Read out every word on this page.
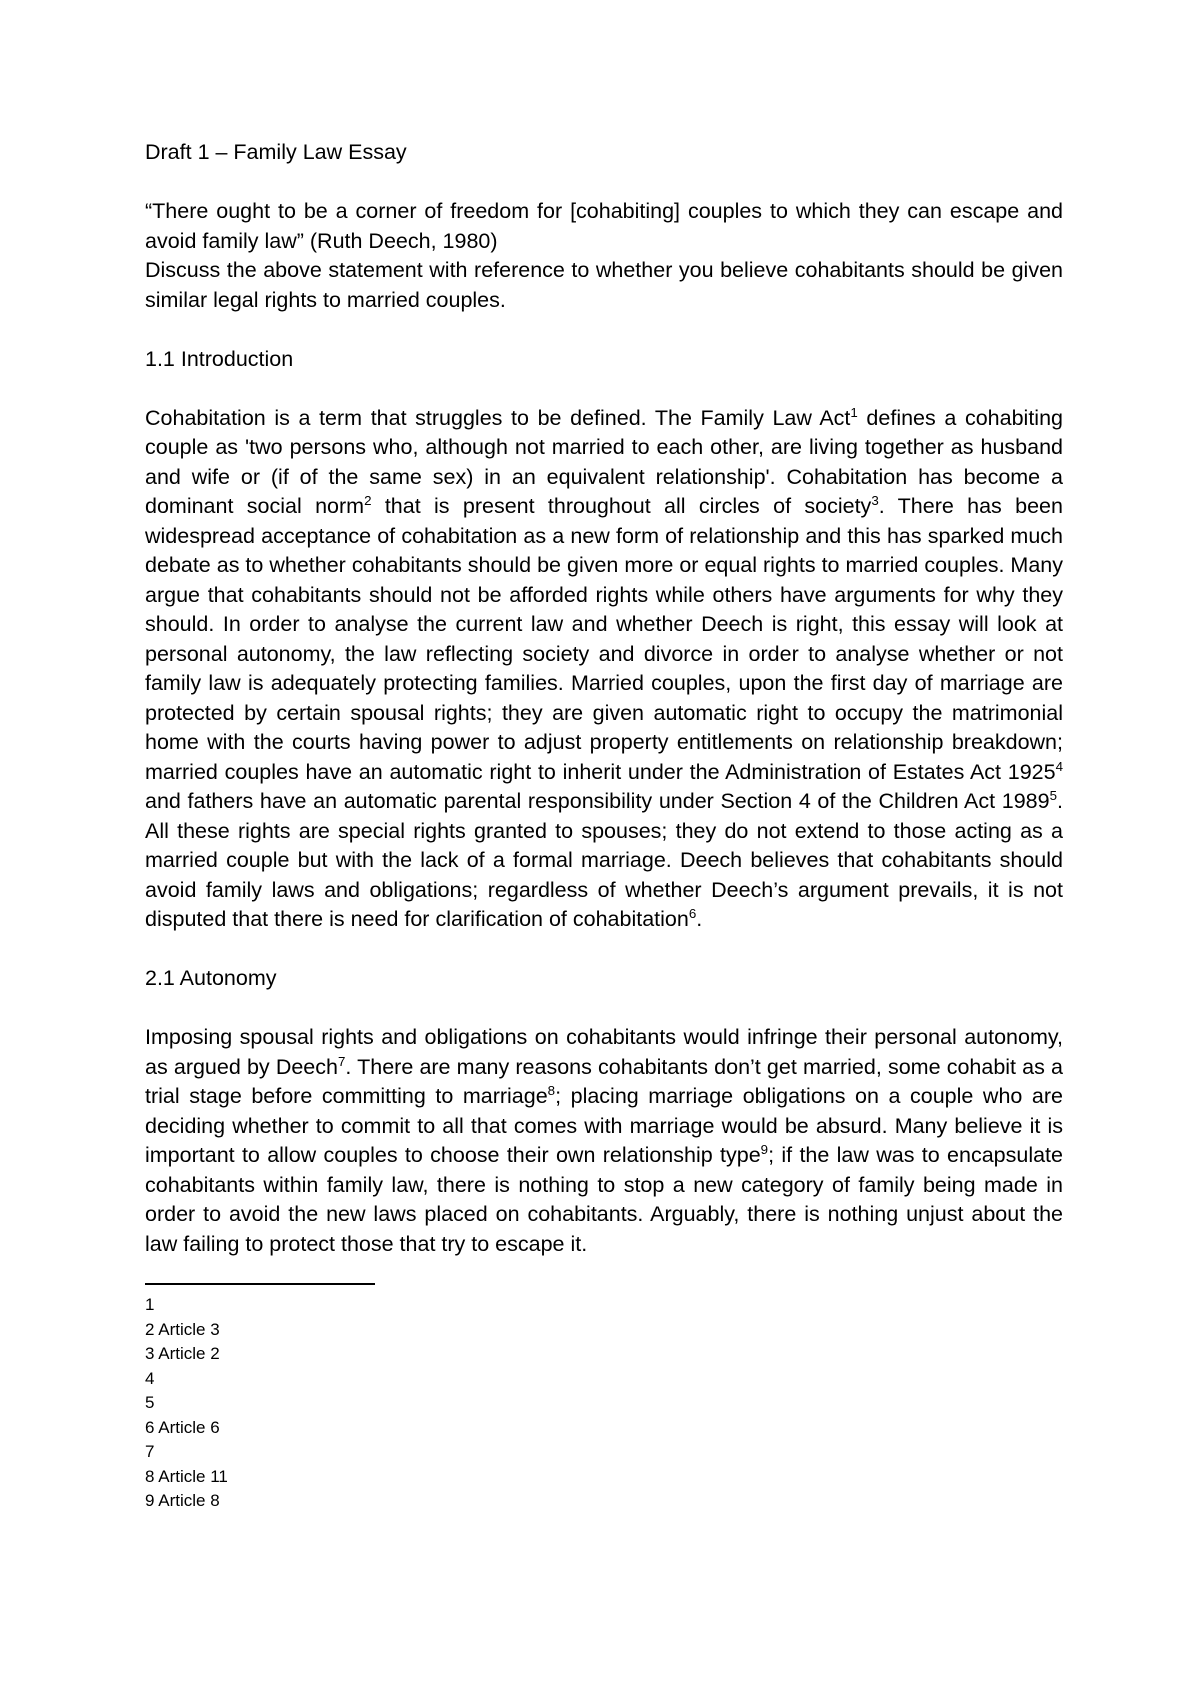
Draft 1 – Family Law Essay

“There ought to be a corner of freedom for [cohabiting] couples to which they can escape and avoid family law” (Ruth Deech, 1980)

Discuss the above statement with reference to whether you believe cohabitants should be given similar legal rights to married couples.

1.1 Introduction
Cohabitation is a term that struggles to be defined. The Family Law Act$^1$ defines a cohabiting couple as 'two persons who, although not married to each other, are living together as husband and wife or (if of the same sex) in an equivalent relationship'. Cohabitation has become a dominant social norm$^2$ that is present throughout all circles of society$^3$. There has been widespread acceptance of cohabitation as a new form of relationship and this has sparked much debate as to whether cohabitants should be given more or equal rights to married couples. Many argue that cohabitants should not be afforded rights while others have arguments for why they should. In order to analyse the current law and whether Deech is right, this essay will look at personal autonomy, the law reflecting society and divorce in order to analyse whether or not family law is adequately protecting families. Married couples, upon the first day of marriage are protected by certain spousal rights; they are given automatic right to occupy the matrimonial home with the courts having power to adjust property entitlements on relationship breakdown; married couples have an automatic right to inherit under the Administration of Estates Act 1925$^4$ and fathers have an automatic parental responsibility under Section 4 of the Children Act 1989$^5$. All these rights are special rights granted to spouses; they do not extend to those acting as a married couple but with the lack of a formal marriage. Deech believes that cohabitants should avoid family laws and obligations; regardless of whether Deech’s argument prevails, it is not disputed that there is need for clarification of cohabitation$^6$.
2.1 Autonomy
Imposing spousal rights and obligations on cohabitants would infringe their personal autonomy, as argued by Deech$^7$. There are many reasons cohabitants don’t get married, some cohabit as a trial stage before committing to marriage$^8$; placing marriage obligations on a couple who are deciding whether to commit to all that comes with marriage would be absurd. Many believe it is important to allow couples to choose their own relationship type$^9$; if the law was to encapsulate cohabitants within family law, there is nothing to stop a new category of family being made in order to avoid the new laws placed on cohabitants. Arguably, there is nothing unjust about the law failing to protect those that try to escape it.
1
2 Article 3
3 Article 2
4
5
6 Article 6
7
8 Article 11
9 Article 8
